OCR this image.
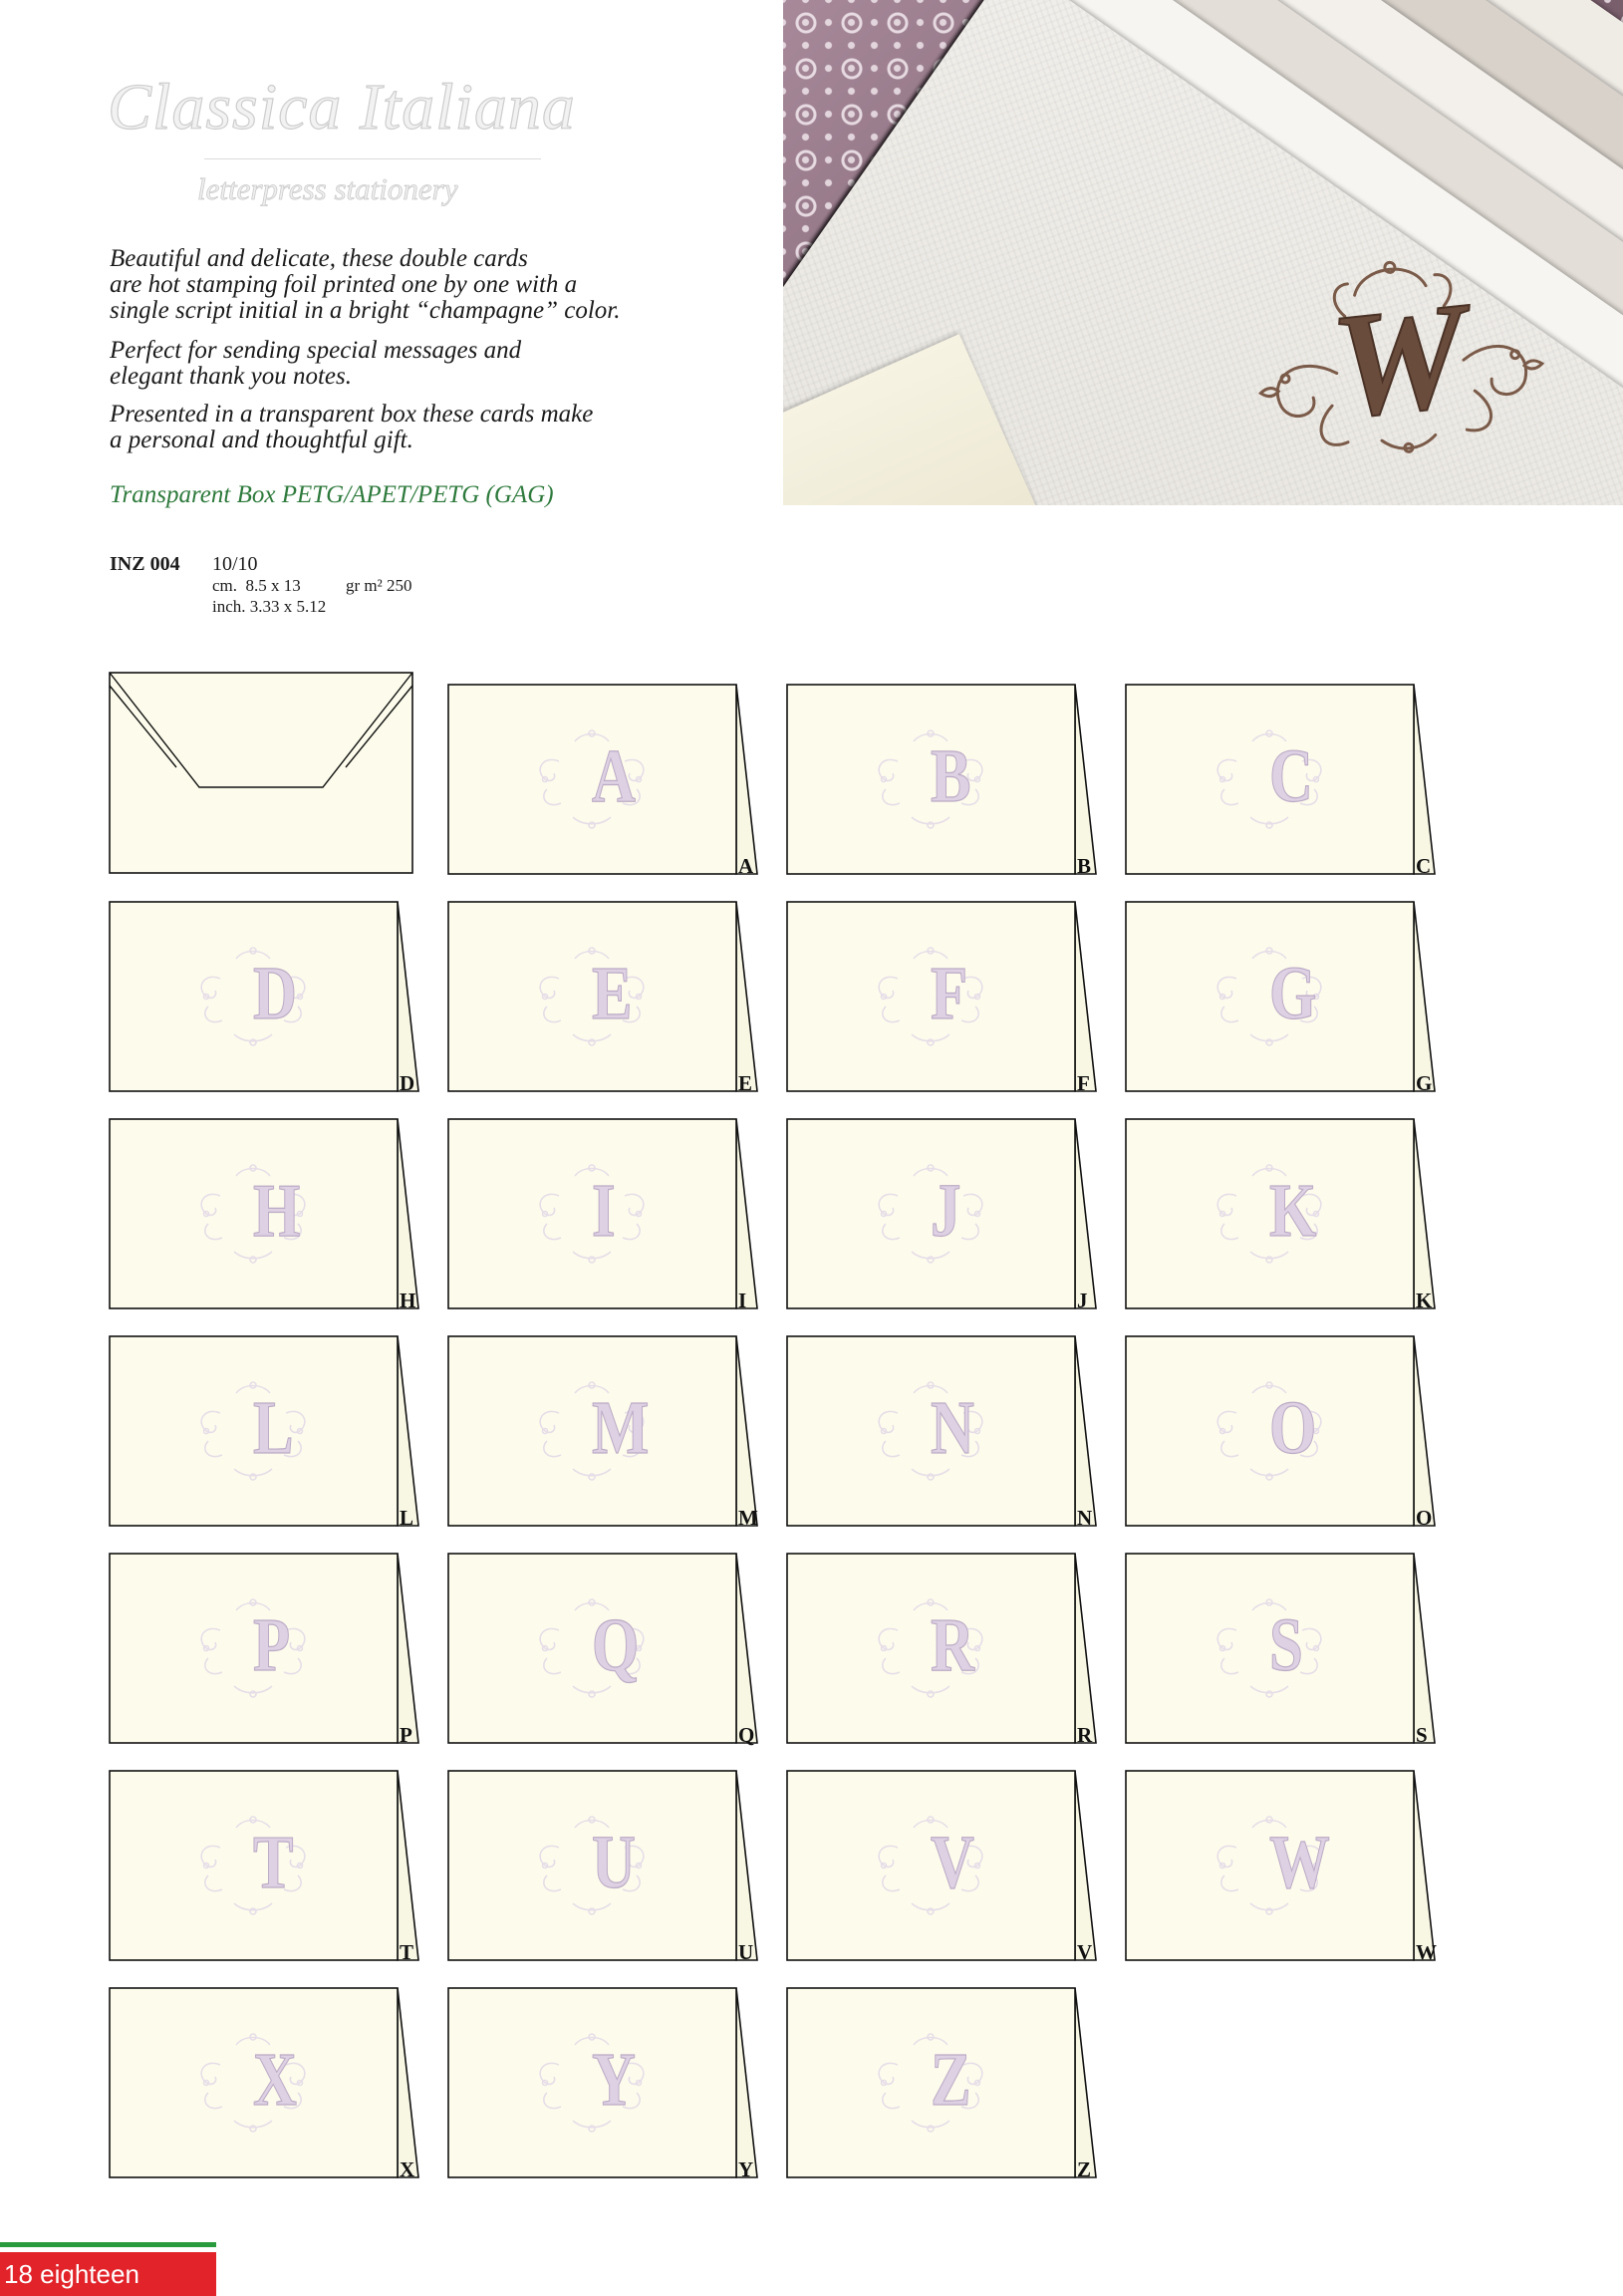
Classica Italiana
letterpress stationery
Beautiful and delicate, these double cards
are hot stamping foil printed one by one with a
single script initial in a bright “champagne” color.
Perfect for sending special messages and
elegant thank you notes.
Presented in a transparent box these cards make
a personal and thoughtful gift.
Transparent Box PETG/APET/PETG (GAG)
INZ 004 10/10
cm.  8.5 x 13	gr m² 250
inch. 3.33 x 5.12
W
A
A
B
B
C
C
D
D
E
E
F
F
G
G
H
H
I
I
J
J
K
K
L
L
M
M
N
N
O
O
P
P
Q
Q
R
R
S
S
T
T
U
U
V
V
W
W
X
X
Y
Y
Z
Z
18 eighteen
